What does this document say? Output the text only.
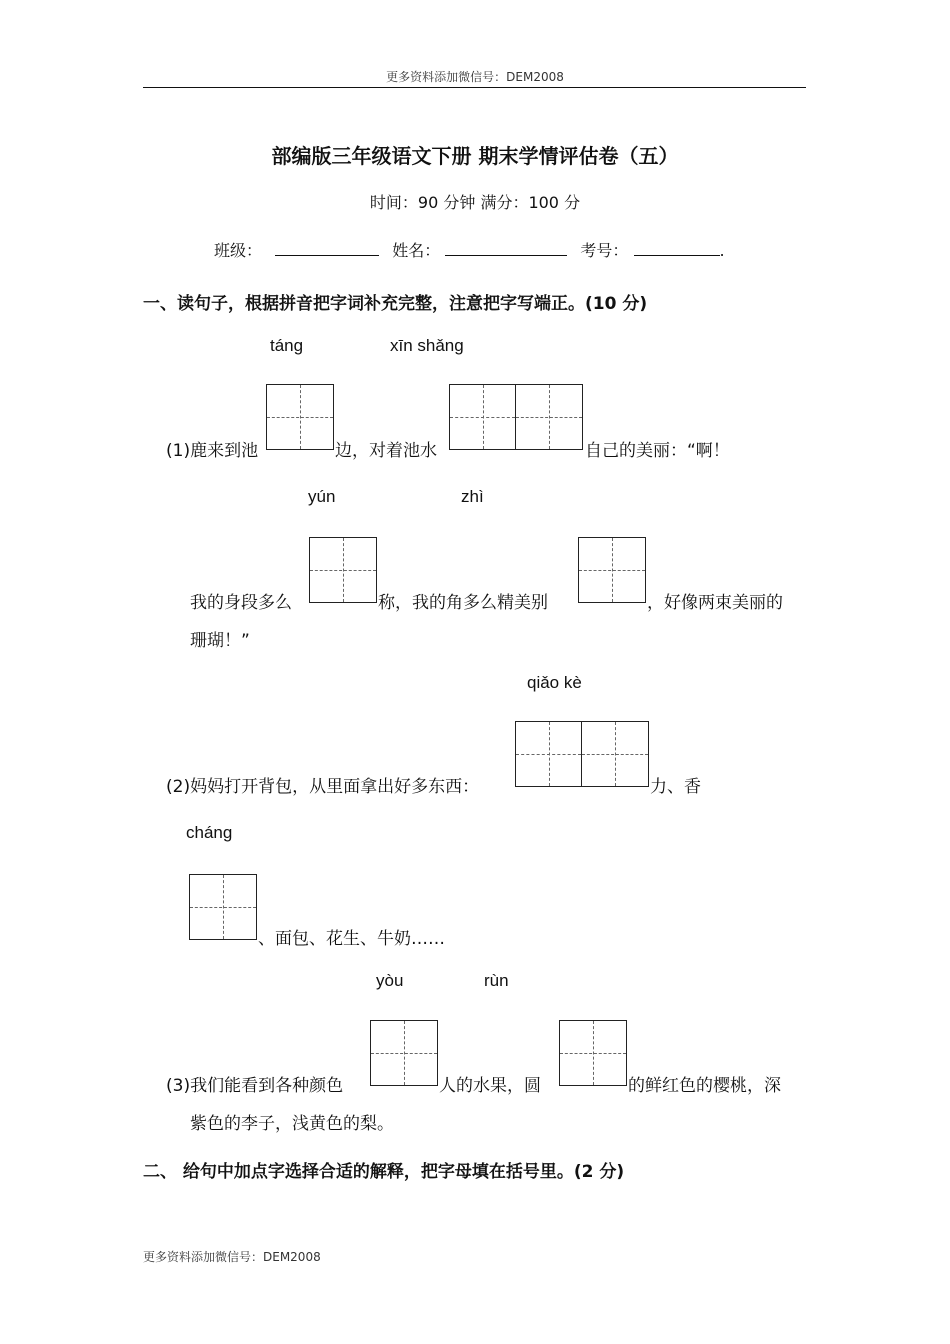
更多资料添加微信号：DEM2008
部编版三年级语文下册 期末学情评估卷（五）
时间：90 分钟 满分：100 分
班级：	姓名：	考号：	.
一、读句子，根据拼音把字词补充完整，注意把字写端正。(10 分)
táng	xīn shǎng
(1)鹿来到池	边，对着池水	自己的美丽：“啊！
yún	zhì
我的身段多么	称，我的角多么精美别	，好像两束美丽的
珊瑚！”
qiǎo kè
(2)妈妈打开背包，从里面拿出好多东西：	力、香
cháng
、面包、花生、牛奶……
yòu	rùn
(3)我们能看到各种颜色	人的水果，圆	的鲜红色的樱桃，深
紫色的李子，浅黄色的梨。
二、 给句中加点字选择合适的解释，把字母填在括号里。(2 分)
更多资料添加微信号：DEM2008
